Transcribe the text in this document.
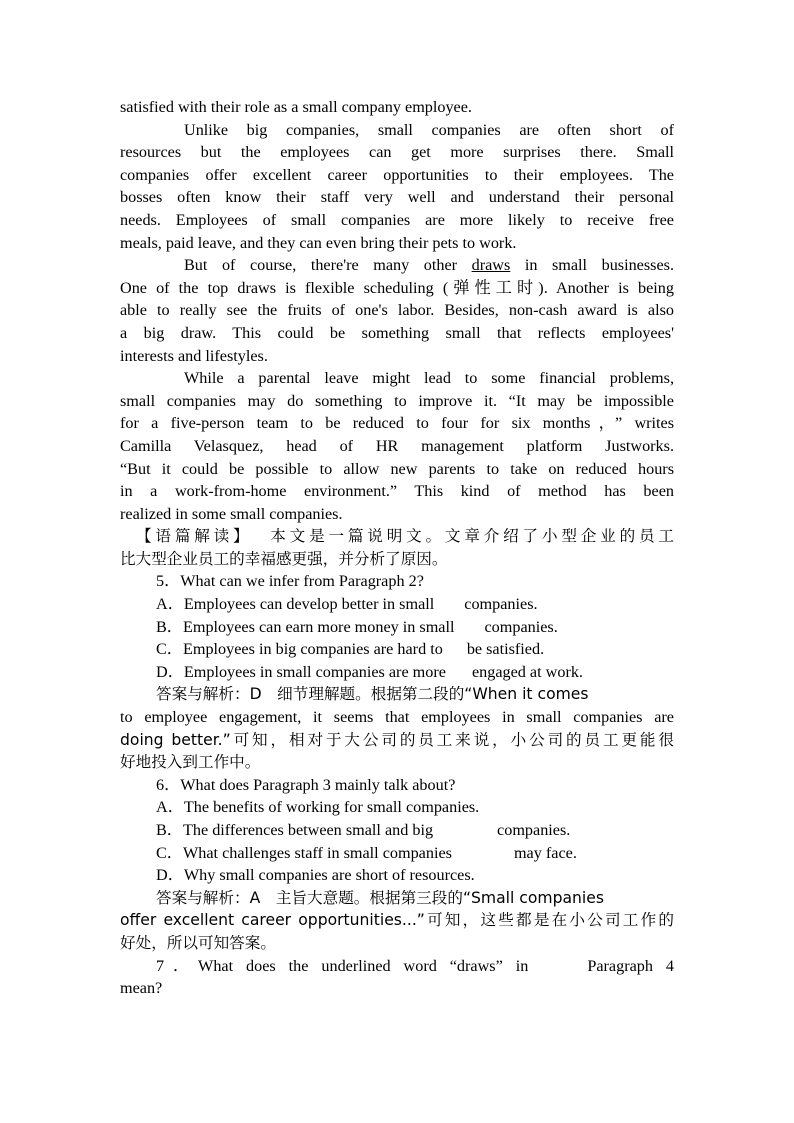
satisfied with their role as a small company employee.
Unlike big companies, small companies are often short of
resources but the employees can get more surprises there. Small
companies offer excellent career opportunities to their employees. The
bosses often know their staff very well and understand their personal
needs. Employees of small companies are more likely to receive free
meals, paid leave, and they can even bring their pets to work.
But of course, there're many other draws in small businesses.
One of the top draws is flexible scheduling (弹性工时). Another is being
able to really see the fruits of one's labor. Besides, non-cash award is also
a big draw. This could be something small that reflects employees'
interests and lifestyles.
While a parental leave might lead to some financial problems,
small companies may do something to improve it. “It may be impossible
for a five-person team to be reduced to four for six months，” writes
Camilla Velasquez, head of HR management platform Justworks.
“But it could be possible to allow new parents to take on reduced hours
in a work-from-home environment.” This kind of method has been
realized in some small companies.
【语篇解读】 本文是一篇说明文。文章介绍了小型企业的员工
比大型企业员工的幸福感更强，并分析了原因。
5．What can we infer from Paragraph 2?
A．Employees can develop better in small companies.
B．Employees can earn more money in small companies.
C．Employees in big companies are hard to be satisfied.
D．Employees in small companies are more engaged at work.
答案与解析：D　细节理解题。根据第二段的“When it comes
to employee engagement, it seems that employees in small companies are
doing better.”可知，相对于大公司的员工来说，小公司的员工更能很
好地投入到工作中。
6．What does Paragraph 3 mainly talk about?
A．The benefits of working for small companies.
B．The differences between small and big	companies.
C．What challenges staff in small companies	may face.
D．Why small companies are short of resources.
答案与解析：A　主旨大意题。根据第三段的“Small companies
offer excellent career opportunities...”可知，这些都是在小公司工作的
好处，所以可知答案。
7．What does the underlined word “draws” in　　Paragraph 4
mean?
